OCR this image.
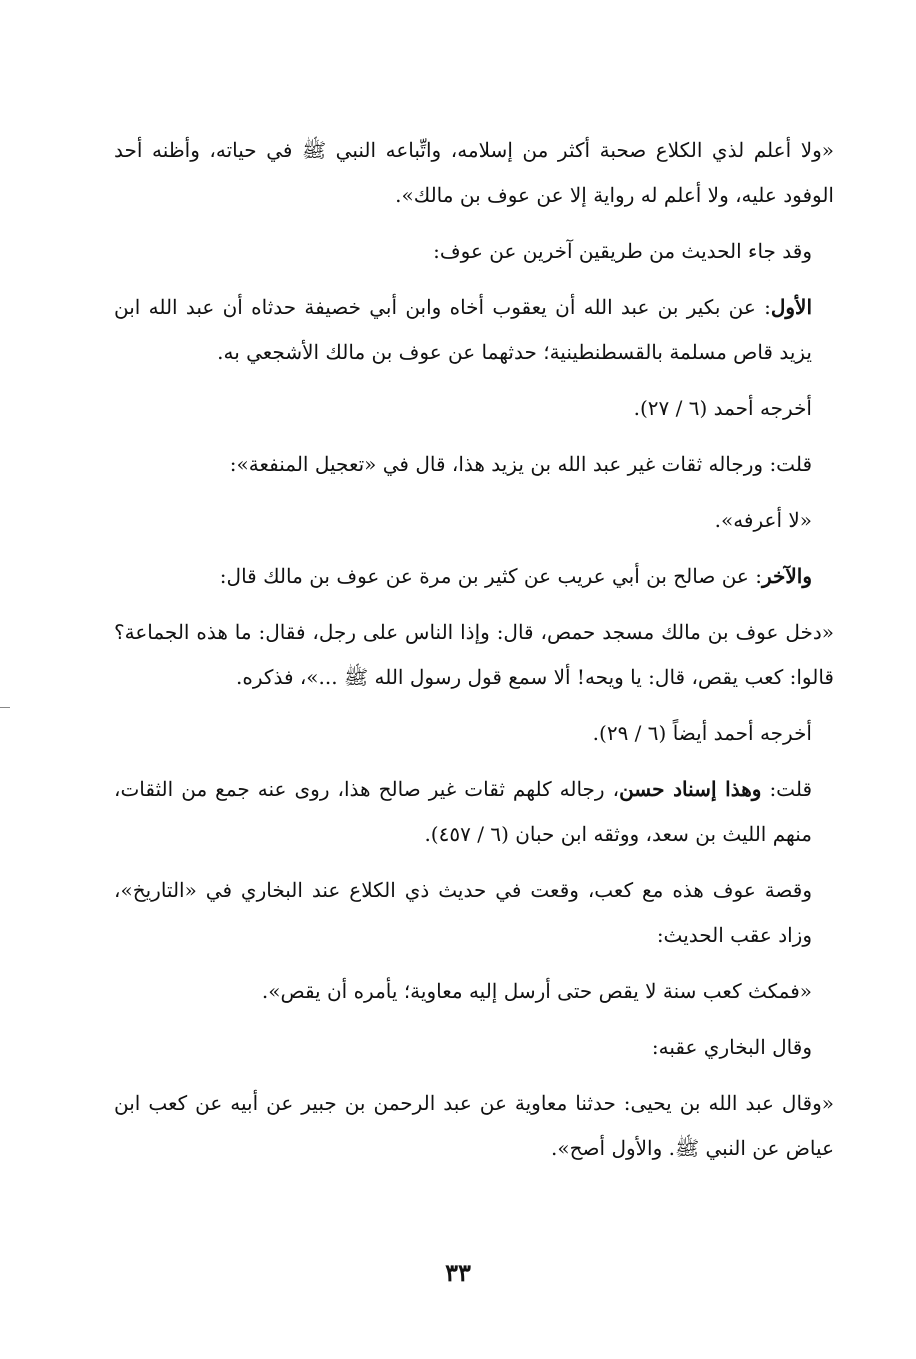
«ولا أعلم لذي الكلاع صحبة أكثر من إسلامه، واتِّباعه النبي ﷺ في حياته، وأظنه أحد الوفود عليه، ولا أعلم له رواية إلا عن عوف بن مالك».

وقد جاء الحديث من طريقين آخرين عن عوف:

الأول: عن بكير بن عبد الله أن يعقوب أخاه وابن أبي خصيفة حدثاه أن عبد الله ابن يزيد قاص مسلمة بالقسطنطينية؛ حدثهما عن عوف بن مالك الأشجعي به.

أخرجه أحمد (٦ / ٢٧).

قلت: ورجاله ثقات غير عبد الله بن يزيد هذا، قال في «تعجيل المنفعة»:

«لا أعرفه».

والآخر: عن صالح بن أبي عريب عن كثير بن مرة عن عوف بن مالك قال:

«دخل عوف بن مالك مسجد حمص، قال: وإذا الناس على رجل، فقال: ما هذه الجماعة؟ قالوا: كعب يقص، قال: يا ويحه! ألا سمع قول رسول الله ﷺ ...»، فذكره.

أخرجه أحمد أيضاً (٦ / ٢٩).

قلت: وهذا إسناد حسن، رجاله كلهم ثقات غير صالح هذا، روى عنه جمع من الثقات، منهم الليث بن سعد، ووثقه ابن حبان (٦ / ٤٥٧).

وقصة عوف هذه مع كعب، وقعت في حديث ذي الكلاع عند البخاري في «التاريخ»، وزاد عقب الحديث:

«فمكث كعب سنة لا يقص حتى أرسل إليه معاوية؛ يأمره أن يقص».

وقال البخاري عقبه:

«وقال عبد الله بن يحيى: حدثنا معاوية عن عبد الرحمن بن جبير عن أبيه عن كعب ابن عياض عن النبي ﷺ. والأول أصح».

٣٣
